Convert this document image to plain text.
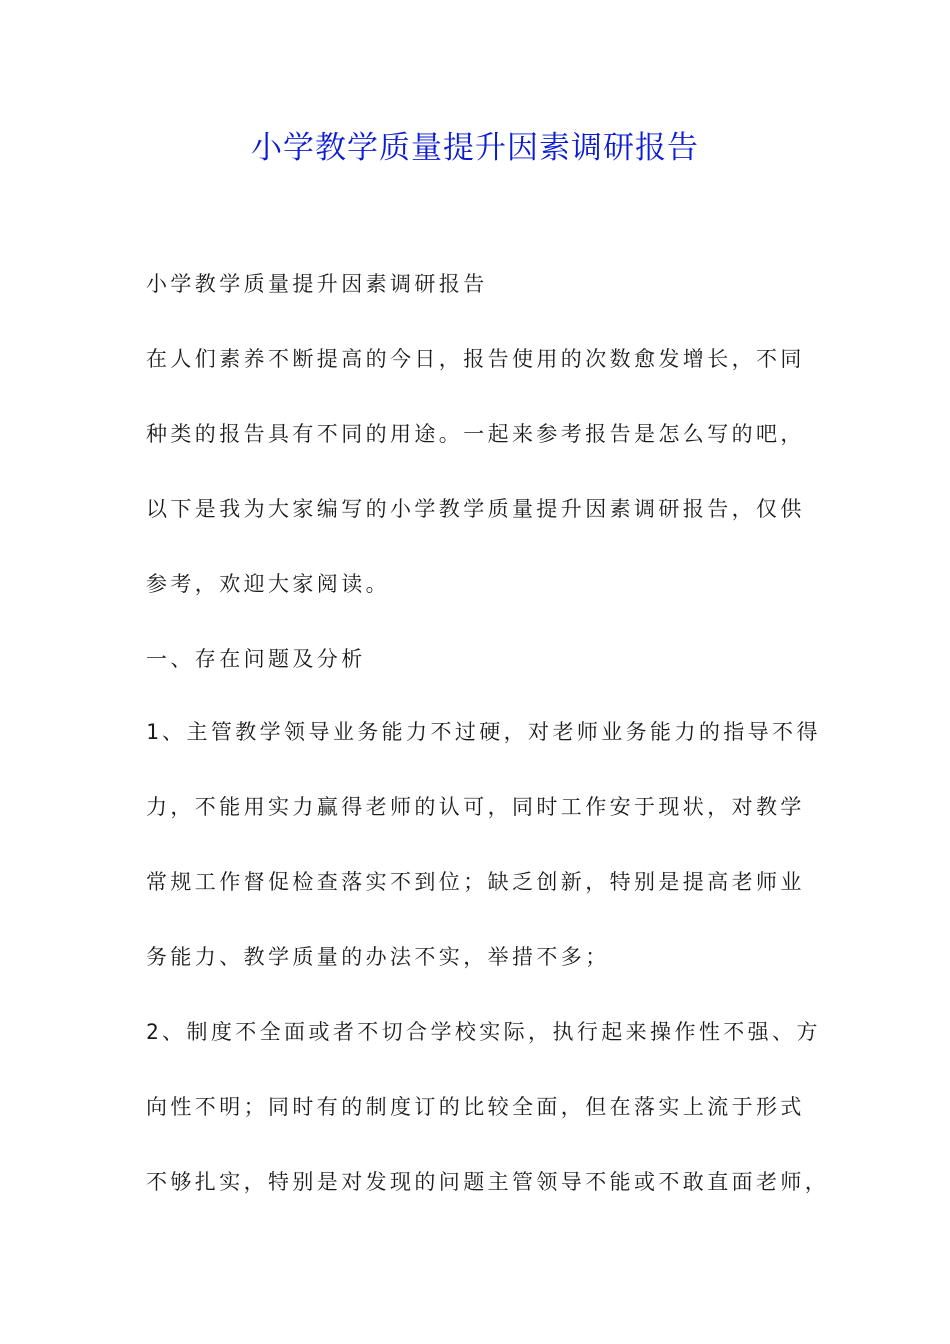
小学教学质量提升因素调研报告

小学教学质量提升因素调研报告

在人们素养不断提高的今日，报告使用的次数愈发增长，不同

种类的报告具有不同的用途。一起来参考报告是怎么写的吧，

以下是我为大家编写的小学教学质量提升因素调研报告，仅供

参考，欢迎大家阅读。

一、存在问题及分析

1、主管教学领导业务能力不过硬，对老师业务能力的指导不得

力，不能用实力赢得老师的认可，同时工作安于现状，对教学

常规工作督促检查落实不到位；缺乏创新，特别是提高老师业

务能力、教学质量的办法不实，举措不多；

2、制度不全面或者不切合学校实际，执行起来操作性不强、方

向性不明；同时有的制度订的比较全面，但在落实上流于形式

不够扎实，特别是对发现的问题主管领导不能或不敢直面老师，
